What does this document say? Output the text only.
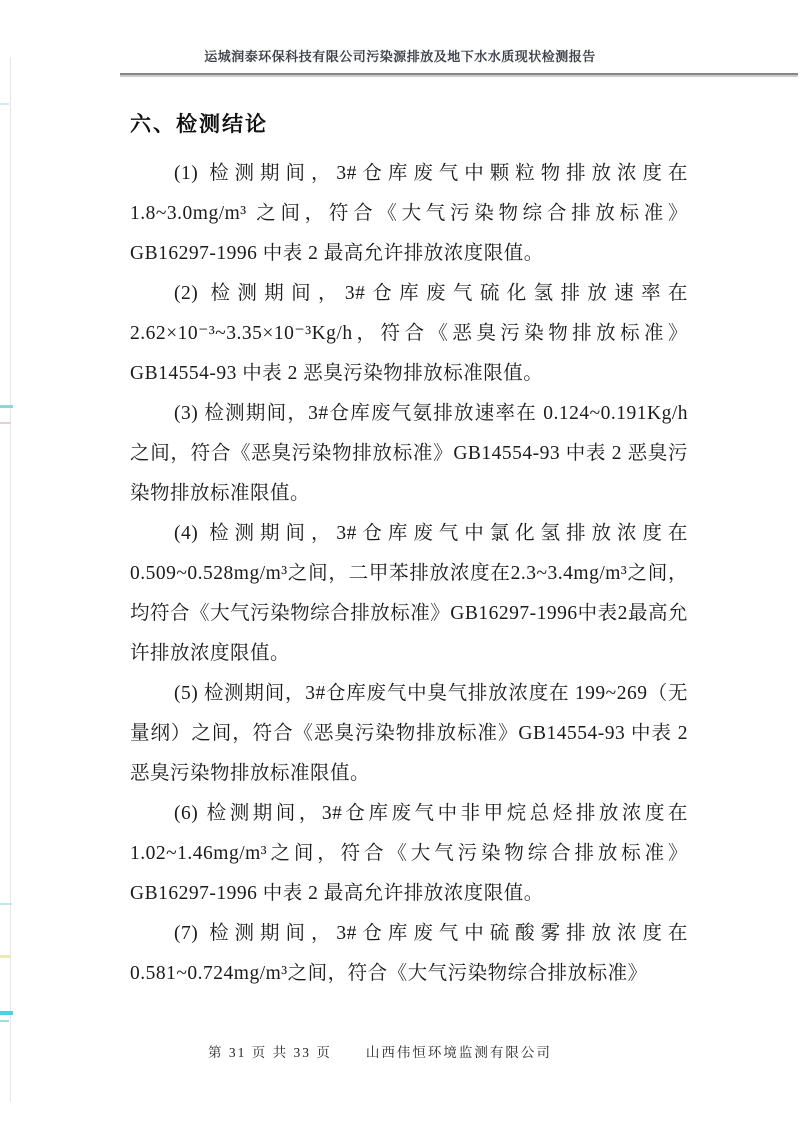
运城润泰环保科技有限公司污染源排放及地下水水质现状检测报告
六、检测结论

(1) 检测期间，3#仓库废气中颗粒物排放浓度在 1.8~3.0mg/m³ 之间，符合《大气污染物综合排放标准》GB16297-1996 中表 2 最高允许排放浓度限值。

(2) 检测期间，3#仓库废气硫化氢排放速率在 2.62×10⁻³~3.35×10⁻³Kg/h，符合《恶臭污染物排放标准》GB14554-93 中表 2 恶臭污染物排放标准限值。

(3) 检测期间，3#仓库废气氨排放速率在 0.124~0.191Kg/h 之间，符合《恶臭污染物排放标准》GB14554-93 中表 2 恶臭污染物排放标准限值。

(4) 检测期间，3#仓库废气中氯化氢排放浓度在0.509~0.528mg/m³之间，二甲苯排放浓度在2.3~3.4mg/m³之间，均符合《大气污染物综合排放标准》GB16297-1996中表2最高允许排放浓度限值。

(5) 检测期间，3#仓库废气中臭气排放浓度在 199~269（无量纲）之间，符合《恶臭污染物排放标准》GB14554-93 中表 2 恶臭污染物排放标准限值。

(6) 检测期间，3#仓库废气中非甲烷总烃排放浓度在 1.02~1.46mg/m³之间，符合《大气污染物综合排放标准》GB16297-1996 中表 2 最高允许排放浓度限值。

(7) 检测期间，3#仓库废气中硫酸雾排放浓度在 0.581~0.724mg/m³之间，符合《大气污染物综合排放标准》

第 31 页 共 33 页	山西伟恒环境监测有限公司
